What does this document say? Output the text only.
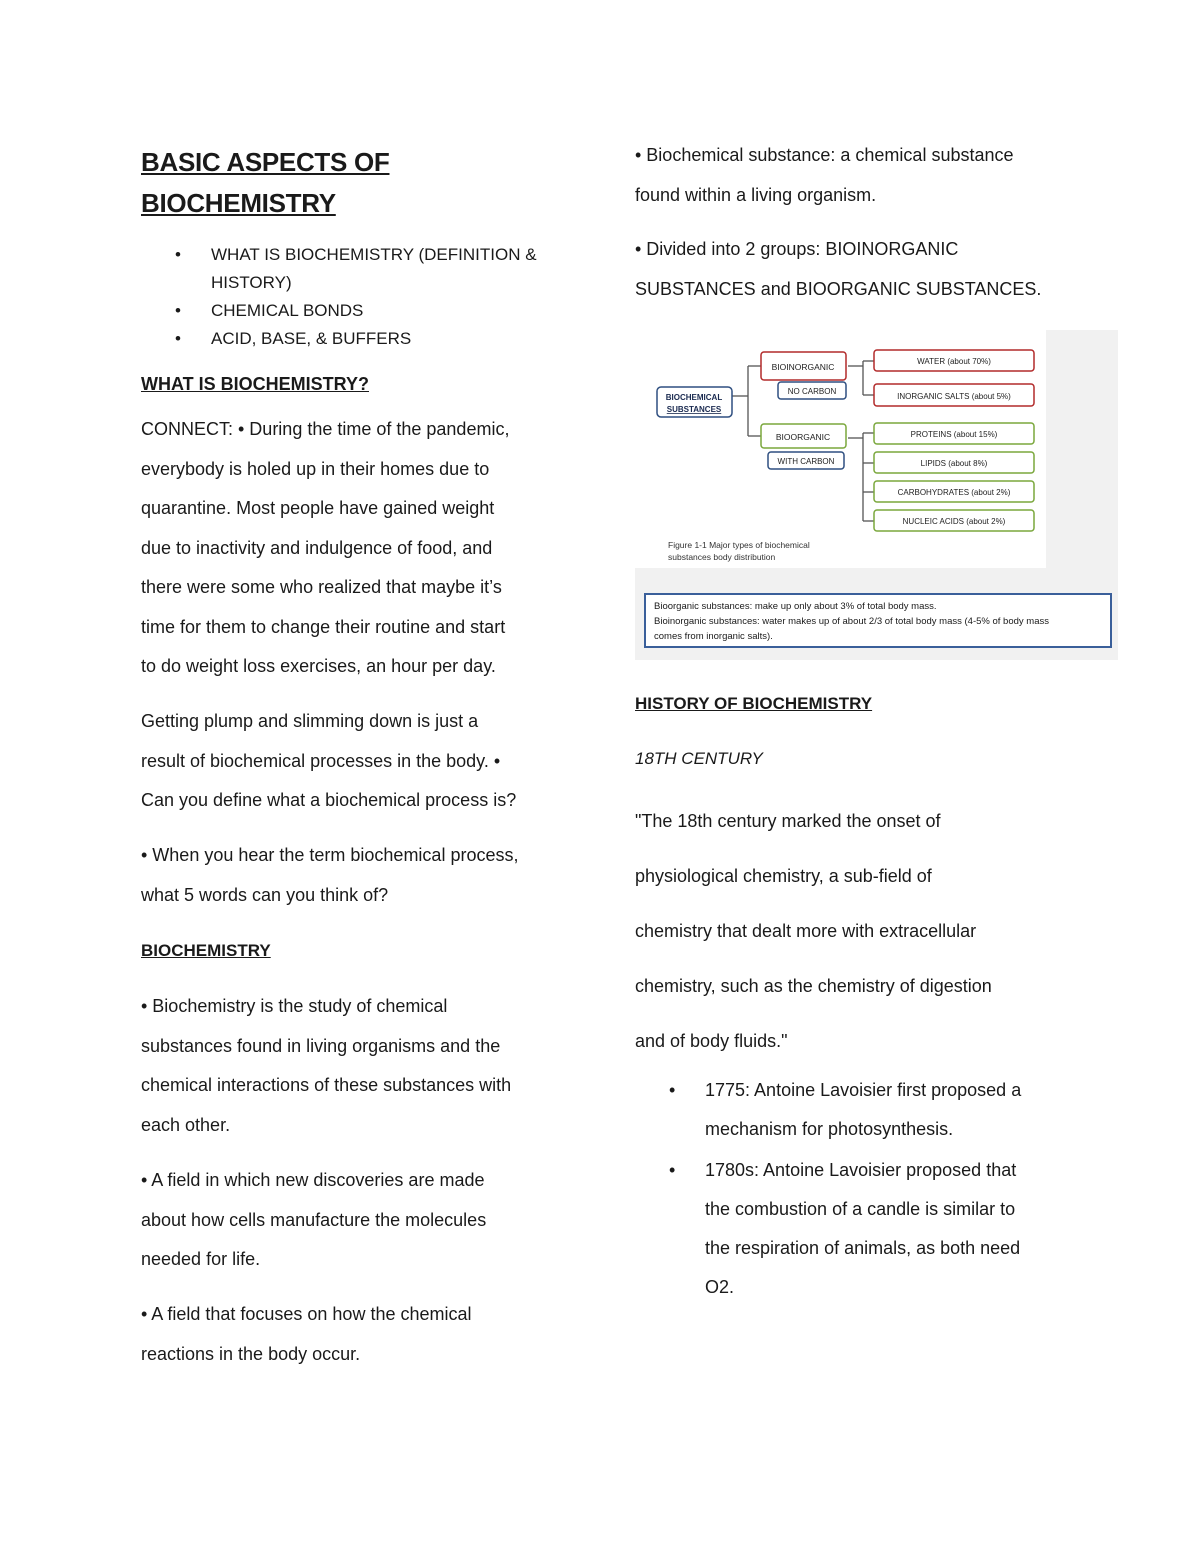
BASIC ASPECTS OF
BIOCHEMISTRY
• WHAT IS BIOCHEMISTRY (DEFINITION & HISTORY)
• CHEMICAL BONDS
• ACID, BASE, & BUFFERS
WHAT IS BIOCHEMISTRY?
CONNECT: • During the time of the pandemic,
everybody is holed up in their homes due to
quarantine. Most people have gained weight
due to inactivity and indulgence of food, and
there were some who realized that maybe it’s
time for them to change their routine and start
to do weight loss exercises, an hour per day.
Getting plump and slimming down is just a
result of biochemical processes in the body. •
Can you define what a biochemical process is?
• When you hear the term biochemical process,
what 5 words can you think of?
BIOCHEMISTRY
• Biochemistry is the study of chemical
substances found in living organisms and the
chemical interactions of these substances with
each other.
• A field in which new discoveries are made
about how cells manufacture the molecules
needed for life.
• A field that focuses on how the chemical
reactions in the body occur.
• Biochemical substance: a chemical substance
found within a living organism.
• Divided into 2 groups: BIOINORGANIC
SUBSTANCES and BIOORGANIC SUBSTANCES.
BIOCHEMICAL
SUBSTANCES
BIOINORGANIC
NO CARBON
BIOORGANIC
WITH CARBON
WATER (about 70%)
INORGANIC SALTS (about 5%)
PROTEINS (about 15%)
LIPIDS (about 8%)
CARBOHYDRATES (about 2%)
NUCLEIC ACIDS (about 2%)
Figure 1-1 Major types of biochemical
substances body distribution
Bioorganic substances: make up only about 3% of total body mass.
Bioinorganic substances: water makes up of about 2/3 of total body mass (4-5% of body mass
comes from inorganic salts).
HISTORY OF BIOCHEMISTRY
18TH CENTURY
"The 18th century marked the onset of
physiological chemistry, a sub-field of
chemistry that dealt more with extracellular
chemistry, such as the chemistry of digestion
and of body fluids."
• 1775: Antoine Lavoisier first proposed a
mechanism for photosynthesis.
• 1780s: Antoine Lavoisier proposed that
the combustion of a candle is similar to
the respiration of animals, as both need
O2.
